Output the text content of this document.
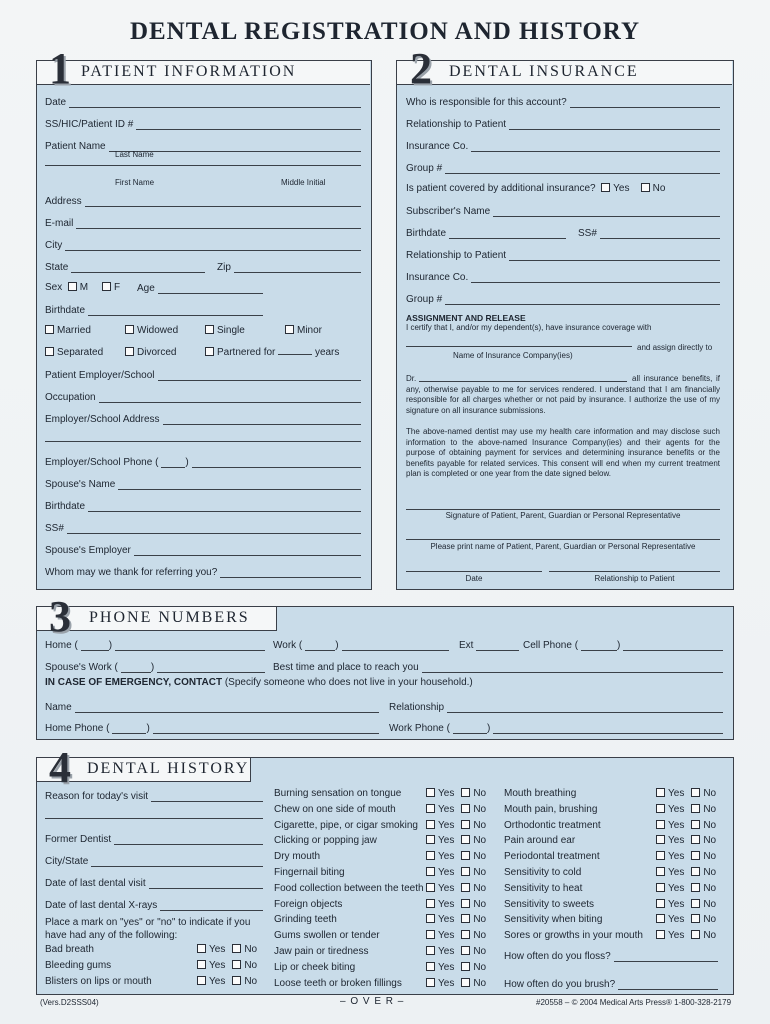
DENTAL REGISTRATION AND HISTORY
PATIENT INFORMATION
Date
SS/HIC/Patient ID #
Patient Name
Last Name
First Name	Middle Initial
Address
E-mail
City
State	Zip
Sex M	F Age
Birthdate
Married	Widowed	Single	Minor
Separated	Divorced	Partnered for	years
Patient Employer/School
Occupation
Employer/School Address
Employer/School Phone (	)
Spouse's Name
Birthdate
SS#
Spouse's Employer
Whom may we thank for referring you?
1	DENTAL INSURANCE
Who is responsible for this account?
Relationship to Patient
Insurance Co.
Group #
Is patient covered by additional insurance? Yes No
Subscriber's Name
Birthdate	SS#
Relationship to Patient
Insurance Co.
Group #
ASSIGNMENT AND RELEASE
I certify that I, and/or my dependent(s), have insurance coverage with
and assign directly to
Name of Insurance Company(ies)
Dr.	all insurance benefits, if any, otherwise payable to me for services rendered. I understand that I am financially responsible for all charges whether or not paid by insurance. I authorize the use of my signature on all insurance submissions.
The above-named dentist may use my health care information and may disclose such information to the above-named Insurance Company(ies) and their agents for the purpose of obtaining payment for services and determining insurance benefits or the benefits payable for related services. This consent will end when my current treatment plan is completed or one year from the date signed below.
Signature of Patient, Parent, Guardian or Personal Representative
Please print name of Patient, Parent, Guardian or Personal Representative
Date	Relationship to Patient
2
PHONE NUMBERS
Home (	)	Work (	)	Ext	Cell Phone (	)
Spouse's Work (	)	Best time and place to reach you
IN CASE OF EMERGENCY, CONTACT (Specify someone who does not live in your household.)
Name	Relationship
Home Phone (	)	Work Phone (	)
3
DENTAL HISTORY
Reason for today's visit
Former Dentist
City/State
Date of last dental visit
Date of last dental X-rays
Place a mark on "yes" or "no" to indicate if you have had any of the following:
Bad breath	Yes	No
Bleeding gums	Yes	No
Blisters on lips or mouth	Yes	No
Burning sensation on tongue	Yes	No
Chew on one side of mouth	Yes	No
Cigarette, pipe, or cigar smoking	Yes	No
Clicking or popping jaw	Yes	No
Dry mouth	Yes	No
Fingernail biting	Yes	No
Food collection between the teeth	Yes	No
Foreign objects	Yes	No
Grinding teeth	Yes	No
Gums swollen or tender	Yes	No
Jaw pain or tiredness	Yes	No
Lip or cheek biting	Yes	No
Loose teeth or broken fillings	Yes	No
Mouth breathing	Yes	No
Mouth pain, brushing	Yes	No
Orthodontic treatment	Yes	No
Pain around ear	Yes	No
Periodontal treatment	Yes	No
Sensitivity to cold	Yes	No
Sensitivity to heat	Yes	No
Sensitivity to sweets	Yes	No
Sensitivity when biting	Yes	No
Sores or growths in your mouth	Yes	No
How often do you floss?
How often do you brush?
4
(Vers.D2SSS04)	– O V E R –	#20558 – © 2004 Medical Arts Press® 1-800-328-2179
